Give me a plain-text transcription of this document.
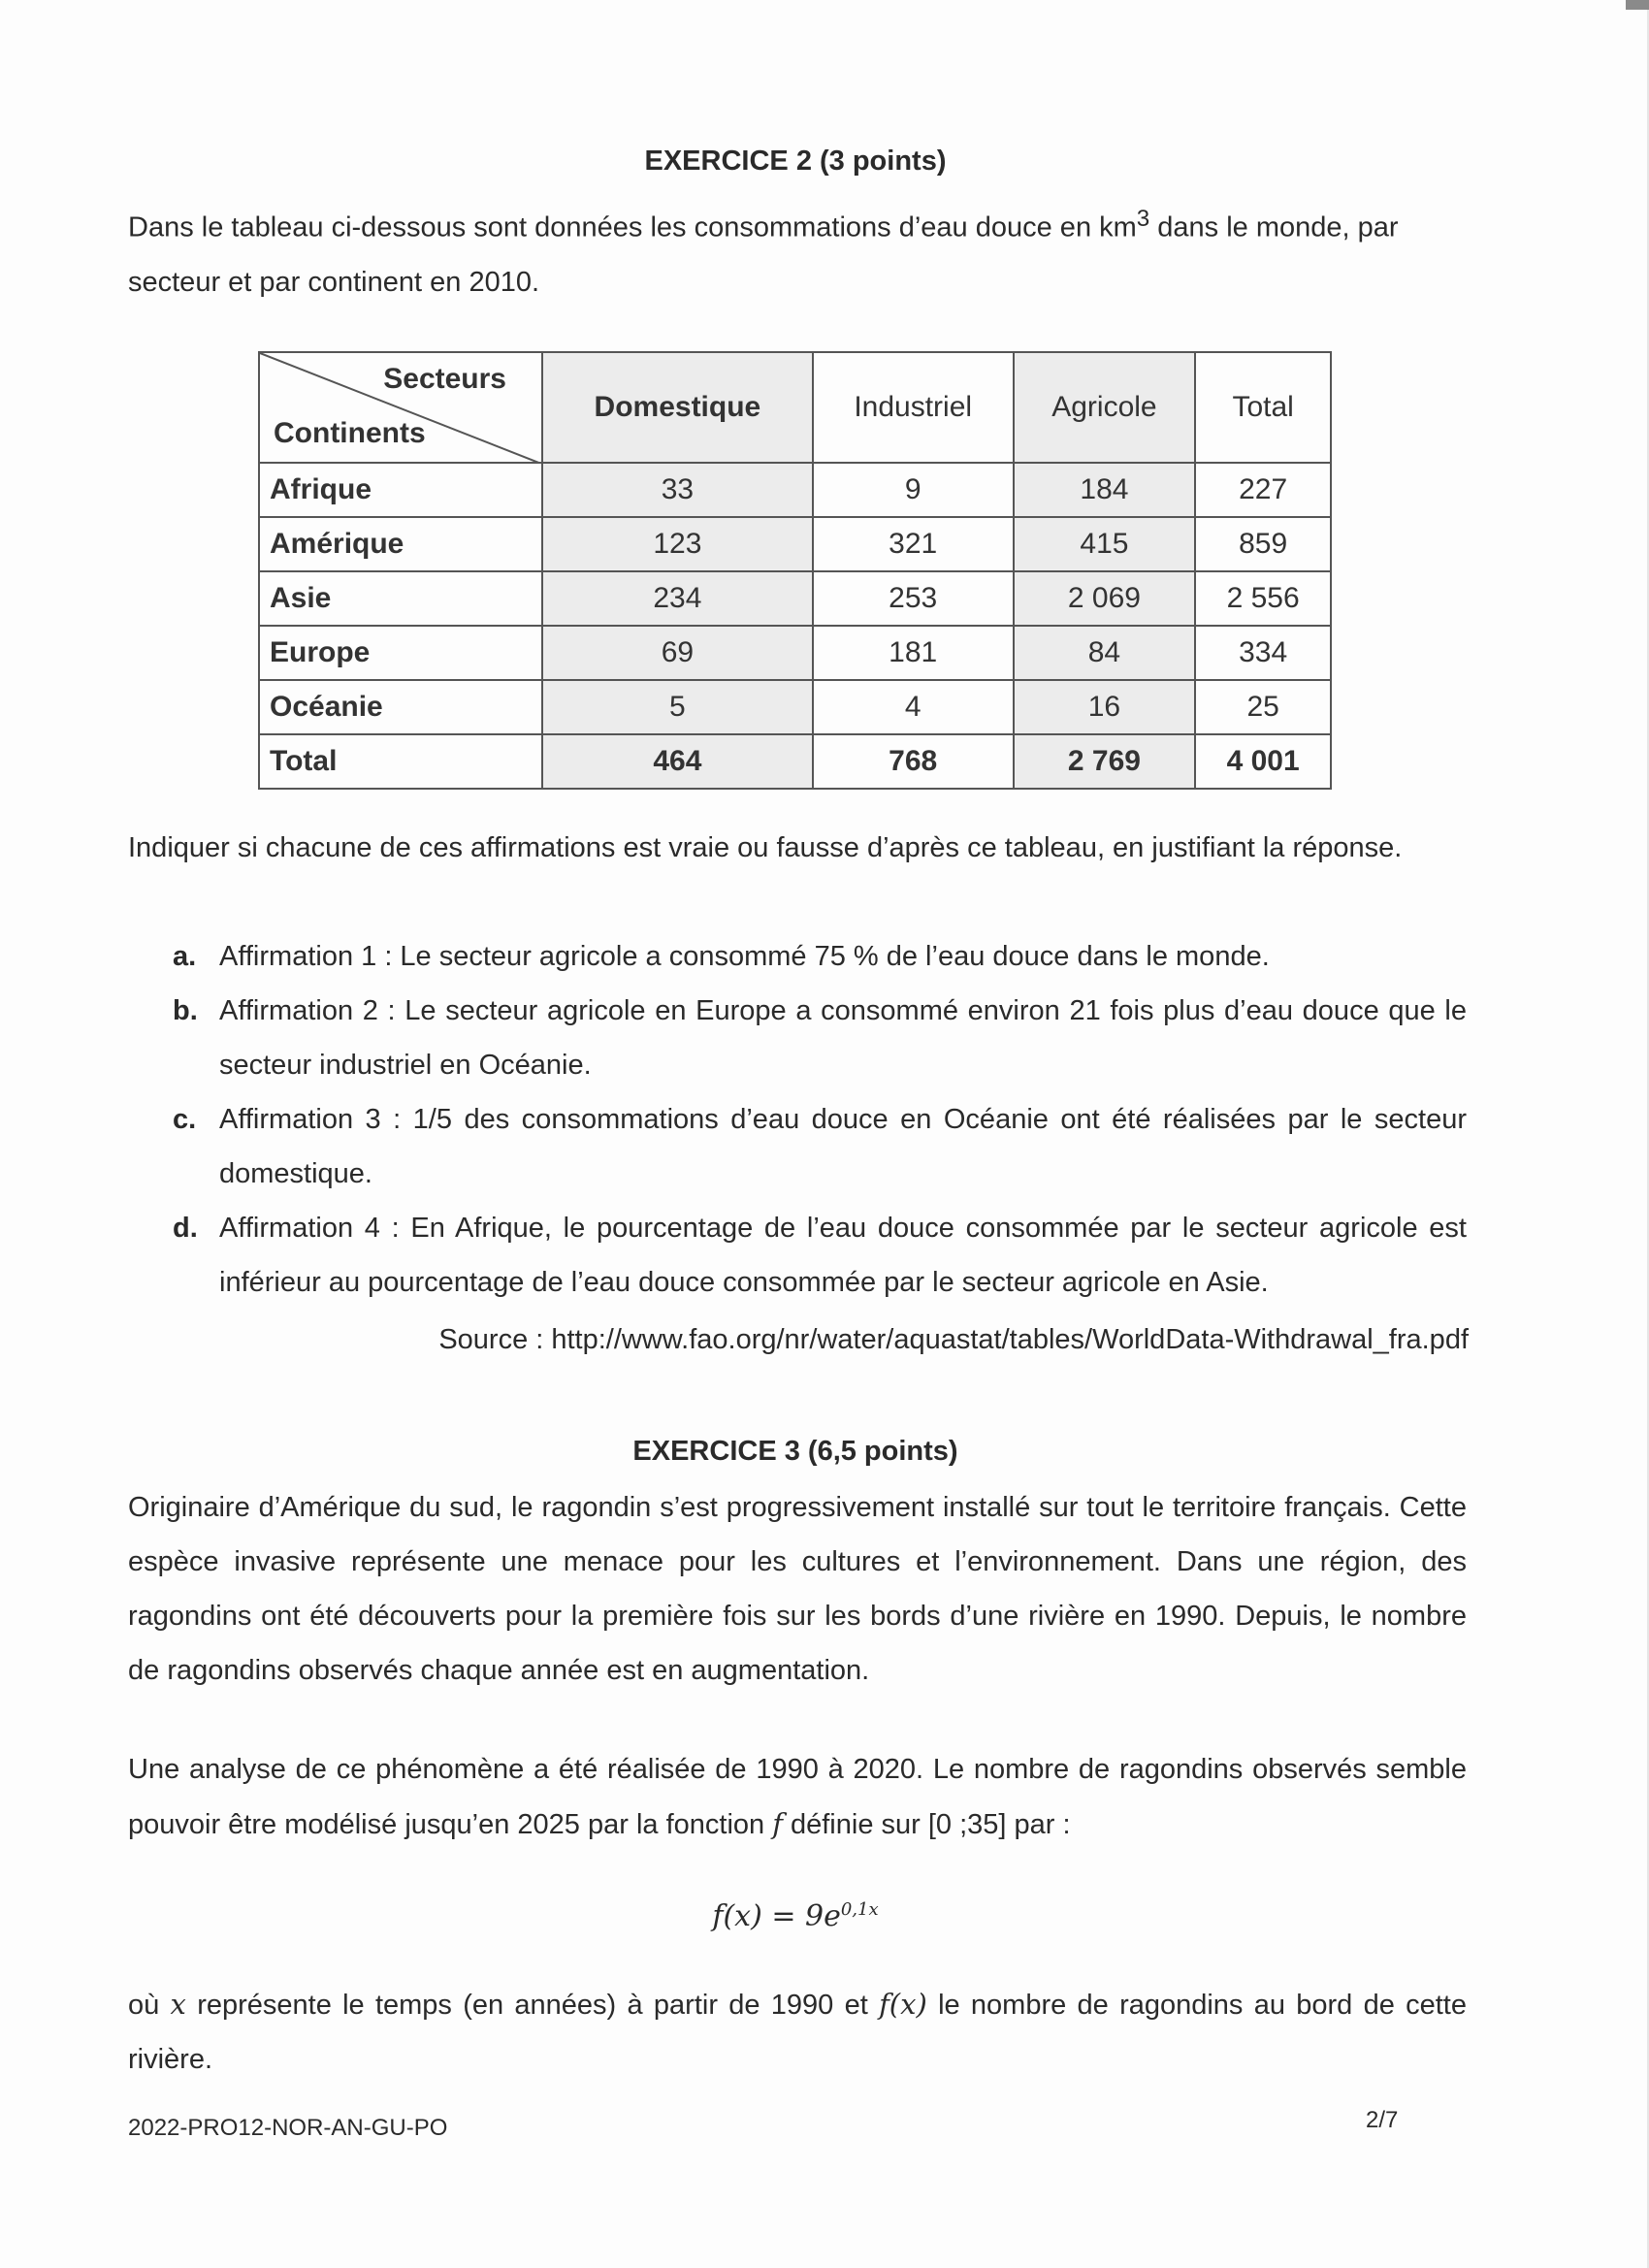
EXERCICE 2 (3 points)
Dans le tableau ci-dessous sont données les consommations d’eau douce en $km^3$ dans le monde, par secteur et par continent en 2010.
Secteurs
Continents	Domestique	Industriel	Agricole	Total
Afrique	33	9	184	227
Amérique	123	321	415	859
Asie	234	253	2 069	2 556
Europe	69	181	84	334
Océanie	5	4	16	25
Total	464	768	2 769	4 001
Indiquer si chacune de ces affirmations est vraie ou fausse d’après ce tableau, en justifiant la réponse.
a. Affirmation 1 : Le secteur agricole a consommé 75 % de l’eau douce dans le monde.
b. Affirmation 2 : Le secteur agricole en Europe a consommé environ 21 fois plus d’eau douce que le secteur industriel en Océanie.
c. Affirmation 3 : 1/5 des consommations d’eau douce en Océanie ont été réalisées par le secteur domestique.
d. Affirmation 4 : En Afrique, le pourcentage de l’eau douce consommée par le secteur agricole est inférieur au pourcentage de l’eau douce consommée par le secteur agricole en Asie.
Source : http://www.fao.org/nr/water/aquastat/tables/WorldData-Withdrawal_fra.pdf
EXERCICE 3 (6,5 points)
Originaire d’Amérique du sud, le ragondin s’est progressivement installé sur tout le territoire français. Cette espèce invasive représente une menace pour les cultures et l’environnement. Dans une région, des ragondins ont été découverts pour la première fois sur les bords d’une rivière en 1990. Depuis, le nombre de ragondins observés chaque année est en augmentation.
Une analyse de ce phénomène a été réalisée de 1990 à 2020. Le nombre de ragondins observés semble pouvoir être modélisé jusqu’en 2025 par la fonction f définie sur [0 ;35] par :
$f(x) = 9e^{0,1x}$
où x représente le temps (en années) à partir de 1990 et f(x) le nombre de ragondins au bord de cette rivière.
2022-PRO12-NOR-AN-GU-PO	2/7
